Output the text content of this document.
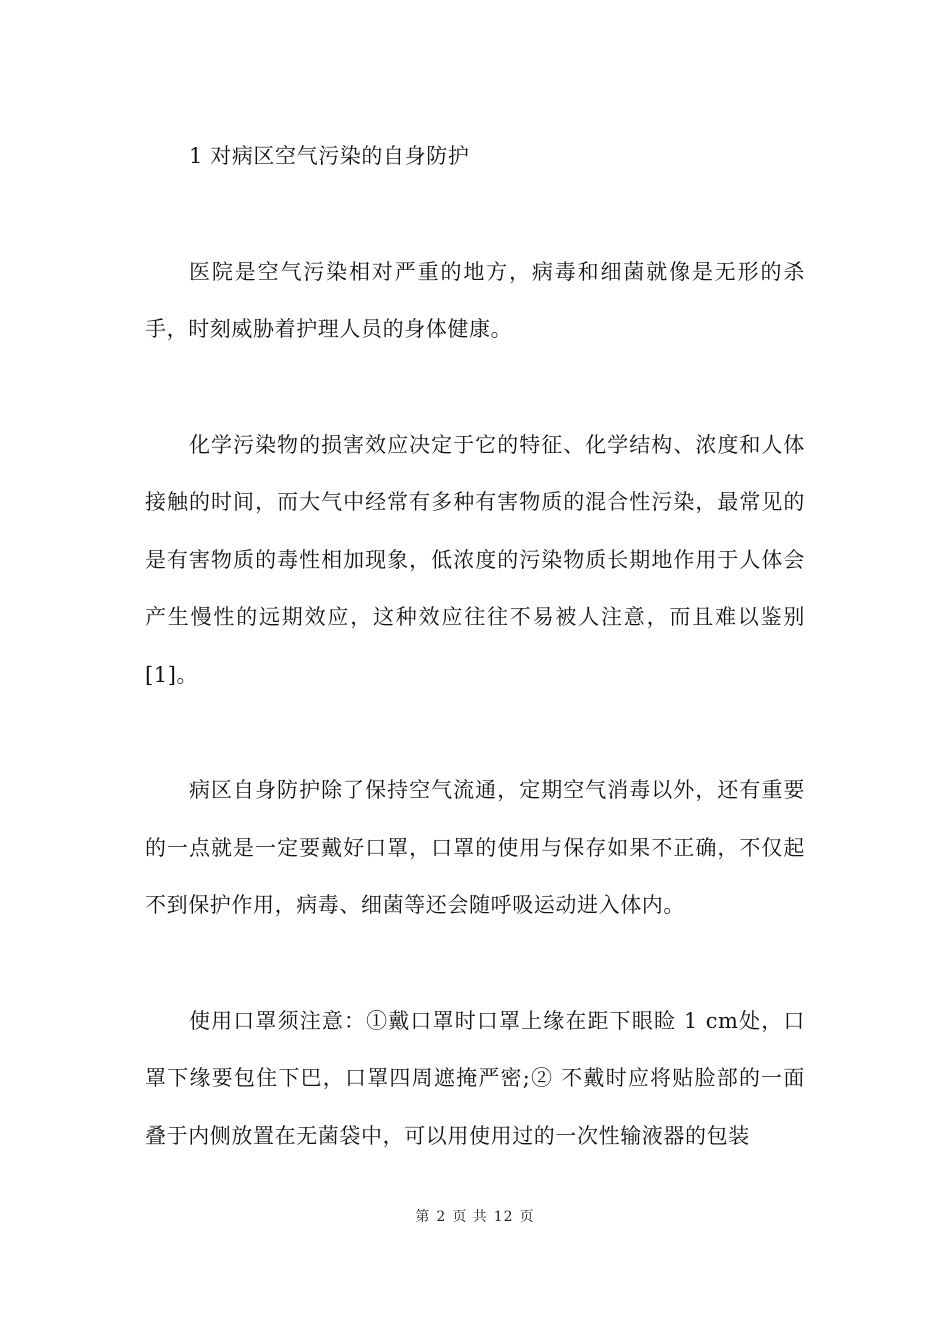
1 对病区空气污染的自身防护

医院是空气污染相对严重的地方，病毒和细菌就像是无形的杀手，时刻威胁着护理人员的身体健康。

化学污染物的损害效应决定于它的特征、化学结构、浓度和人体接触的时间，而大气中经常有多种有害物质的混合性污染，最常见的是有害物质的毒性相加现象，低浓度的污染物质长期地作用于人体会产生慢性的远期效应，这种效应往往不易被人注意，而且难以鉴别[1]。

病区自身防护除了保持空气流通，定期空气消毒以外，还有重要的一点就是一定要戴好口罩，口罩的使用与保存如果不正确，不仅起不到保护作用，病毒、细菌等还会随呼吸运动进入体内。

使用口罩须注意：①戴口罩时口罩上缘在距下眼睑 1 cm处，口罩下缘要包住下巴，口罩四周遮掩严密;② 不戴时应将贴脸部的一面叠于内侧放置在无菌袋中，可以用使用过的一次性输液器的包装

第 2 页 共 12 页
